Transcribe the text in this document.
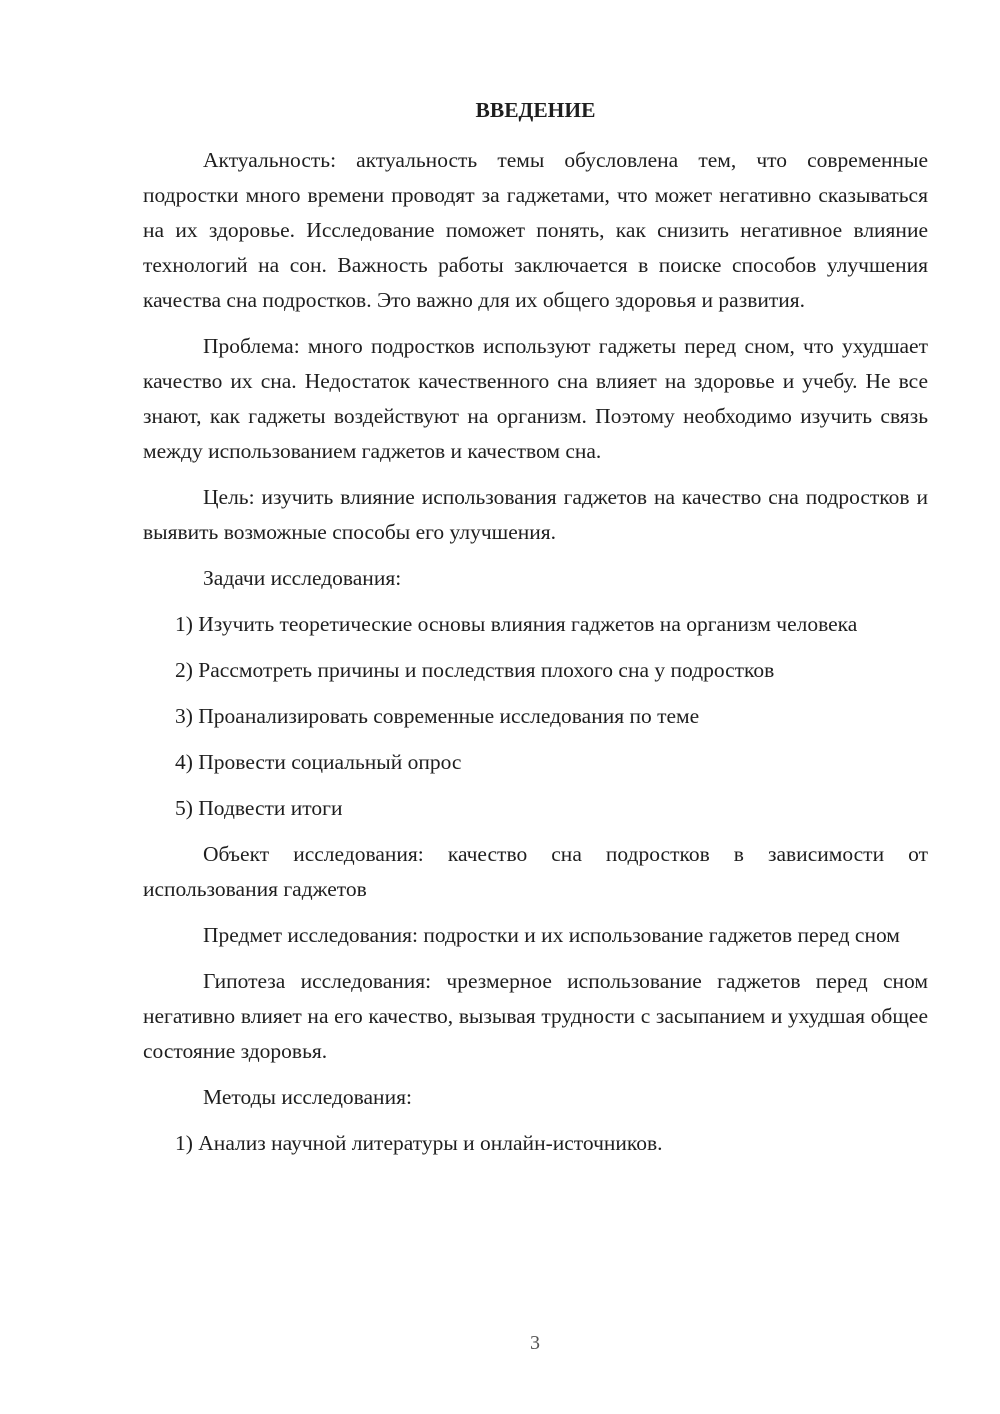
ВВЕДЕНИЕ

Актуальность: актуальность темы обусловлена тем, что современные подростки много времени проводят за гаджетами, что может негативно сказываться на их здоровье. Исследование поможет понять, как снизить негативное влияние технологий на сон. Важность работы заключается в поиске способов улучшения качества сна подростков. Это важно для их общего здоровья и развития.

Проблема: много подростков используют гаджеты перед сном, что ухудшает качество их сна. Недостаток качественного сна влияет на здоровье и учебу. Не все знают, как гаджеты воздействуют на организм. Поэтому необходимо изучить связь между использованием гаджетов и качеством сна.

Цель: изучить влияние использования гаджетов на качество сна подростков и выявить возможные способы его улучшения.

Задачи исследования:

1) Изучить теоретические основы влияния гаджетов на организм человека

2) Рассмотреть причины и последствия плохого сна у подростков

3) Проанализировать современные исследования по теме

4) Провести социальный опрос

5) Подвести итоги

Объект исследования: качество сна подростков в зависимости от использования гаджетов

Предмет исследования: подростки и их использование гаджетов перед сном

Гипотеза исследования: чрезмерное использование гаджетов перед сном негативно влияет на его качество, вызывая трудности с засыпанием и ухудшая общее состояние здоровья.

Методы исследования:

1) Анализ научной литературы и онлайн-источников.

3
